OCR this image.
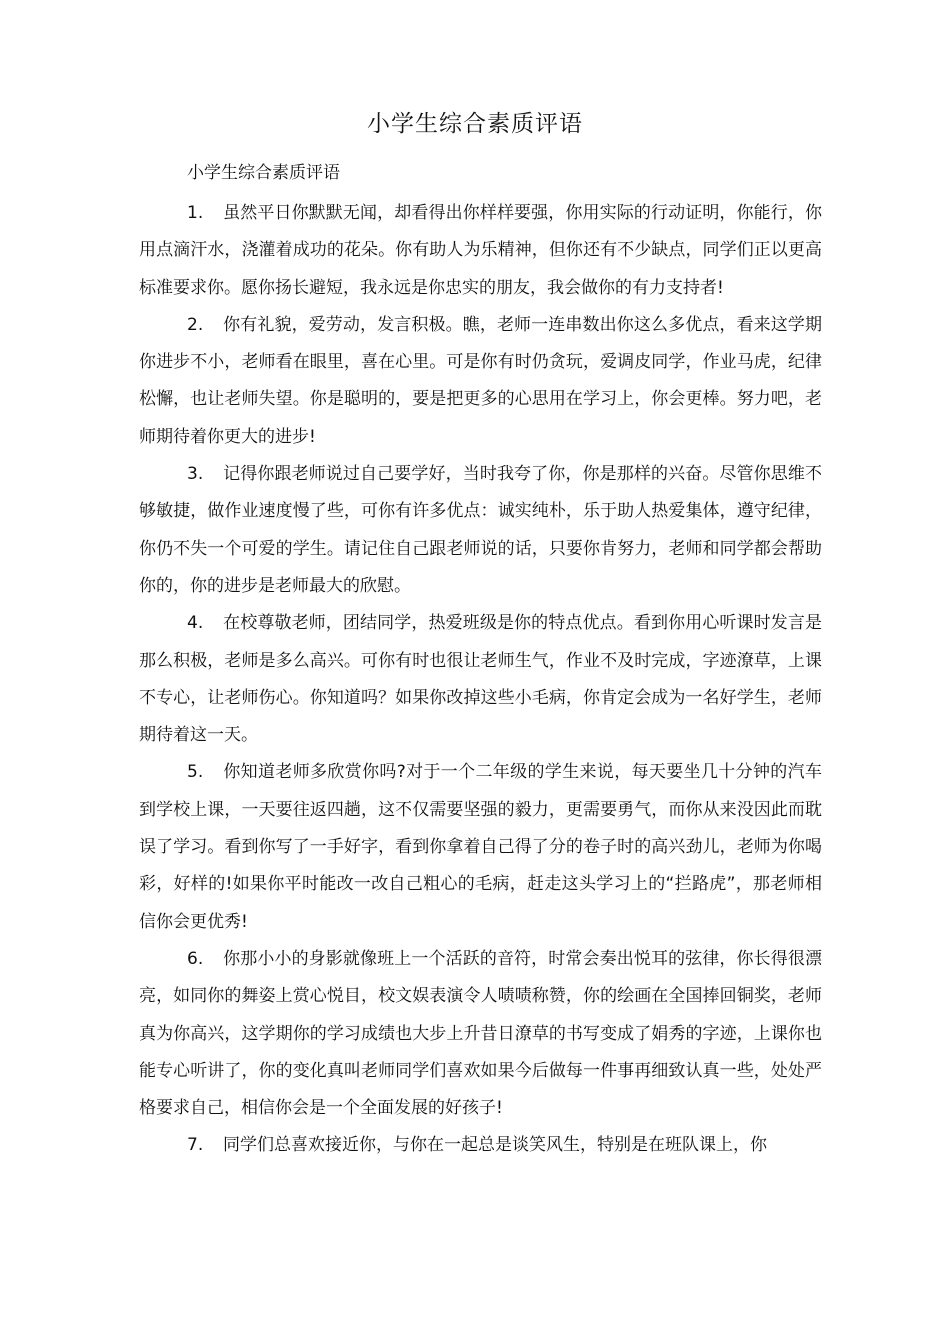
小学生综合素质评语
小学生综合素质评语

1. 虽然平日你默默无闻，却看得出你样样要强，你用实际的行动证明，你能行，你用点滴汗水，浇灌着成功的花朵。你有助人为乐精神，但你还有不少缺点，同学们正以更高标准要求你。愿你扬长避短，我永远是你忠实的朋友，我会做你的有力支持者!

2. 你有礼貌，爱劳动，发言积极。瞧，老师一连串数出你这么多优点，看来这学期你进步不小，老师看在眼里，喜在心里。可是你有时仍贪玩，爱调皮同学，作业马虎，纪律松懈，也让老师失望。你是聪明的，要是把更多的心思用在学习上，你会更棒。努力吧，老师期待着你更大的进步!

3. 记得你跟老师说过自己要学好，当时我夸了你，你是那样的兴奋。尽管你思维不够敏捷，做作业速度慢了些，可你有许多优点：诚实纯朴，乐于助人热爱集体，遵守纪律，你仍不失一个可爱的学生。请记住自己跟老师说的话，只要你肯努力，老师和同学都会帮助你的，你的进步是老师最大的欣慰。

4. 在校尊敬老师，团结同学，热爱班级是你的特点优点。看到你用心听课时发言是那么积极，老师是多么高兴。可你有时也很让老师生气，作业不及时完成，字迹潦草，上课不专心，让老师伤心。你知道吗？如果你改掉这些小毛病，你肯定会成为一名好学生，老师期待着这一天。

5. 你知道老师多欣赏你吗?对于一个二年级的学生来说，每天要坐几十分钟的汽车到学校上课，一天要往返四趟，这不仅需要坚强的毅力，更需要勇气，而你从来没因此而耽误了学习。看到你写了一手好字，看到你拿着自己得了分的卷子时的高兴劲儿，老师为你喝彩，好样的!如果你平时能改一改自己粗心的毛病，赶走这头学习上的“拦路虎”，那老师相信你会更优秀!

6. 你那小小的身影就像班上一个活跃的音符，时常会奏出悦耳的弦律，你长得很漂亮，如同你的舞姿上赏心悦目，校文娱表演令人啧啧称赞，你的绘画在全国捧回铜奖，老师真为你高兴，这学期你的学习成绩也大步上升昔日潦草的书写变成了娟秀的字迹，上课你也能专心听讲了，你的变化真叫老师同学们喜欢如果今后做每一件事再细致认真一些，处处严格要求自己，相信你会是一个全面发展的好孩子!

7. 同学们总喜欢接近你，与你在一起总是谈笑风生，特别是在班队课上，你
